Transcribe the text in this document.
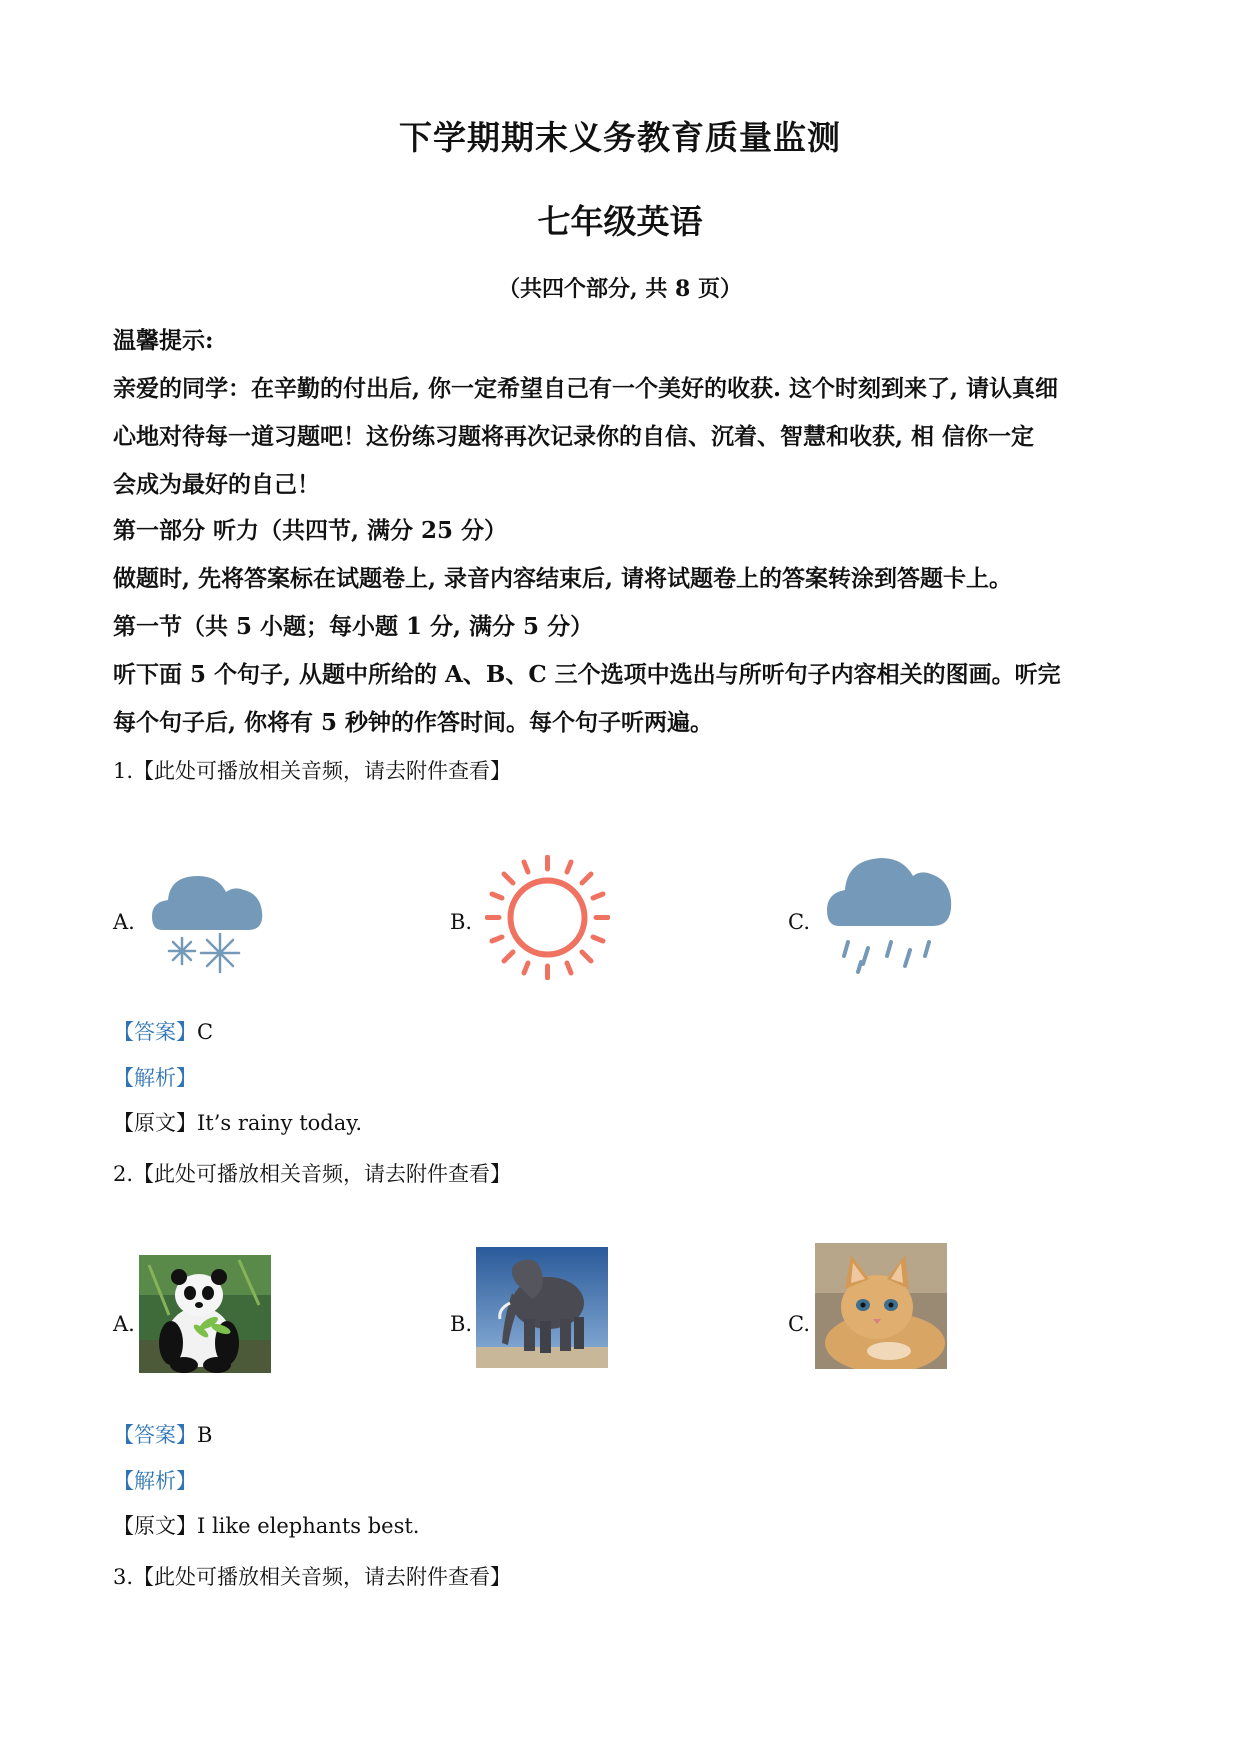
下学期期末义务教育质量监测
七年级英语
（共四个部分, 共 8 页）
温馨提示:
亲爱的同学：在辛勤的付出后, 你一定希望自己有一个美好的收获. 这个时刻到来了, 请认真细
心地对待每一道习题吧！这份练习题将再次记录你的自信、沉着、智慧和收获, 相 信你一定
会成为最好的自己！
第一部分 听力（共四节, 满分 25 分）
做题时, 先将答案标在试题卷上, 录音内容结束后, 请将试题卷上的答案转涂到答题卡上。
第一节（共 5 小题；每小题 1 分, 满分 5 分）
听下面 5 个句子, 从题中所给的 A、B、C 三个选项中选出与所听句子内容相关的图画。听完
每个句子后, 你将有 5 秒钟的作答时间。每个句子听两遍。
1.【此处可播放相关音频，请去附件查看】
A.	B.	C.
【答案】C
【解析】
【原文】It’s rainy today.
2.【此处可播放相关音频，请去附件查看】
A.	B.	C.
【答案】B
【解析】
【原文】I like elephants best.
3.【此处可播放相关音频，请去附件查看】
